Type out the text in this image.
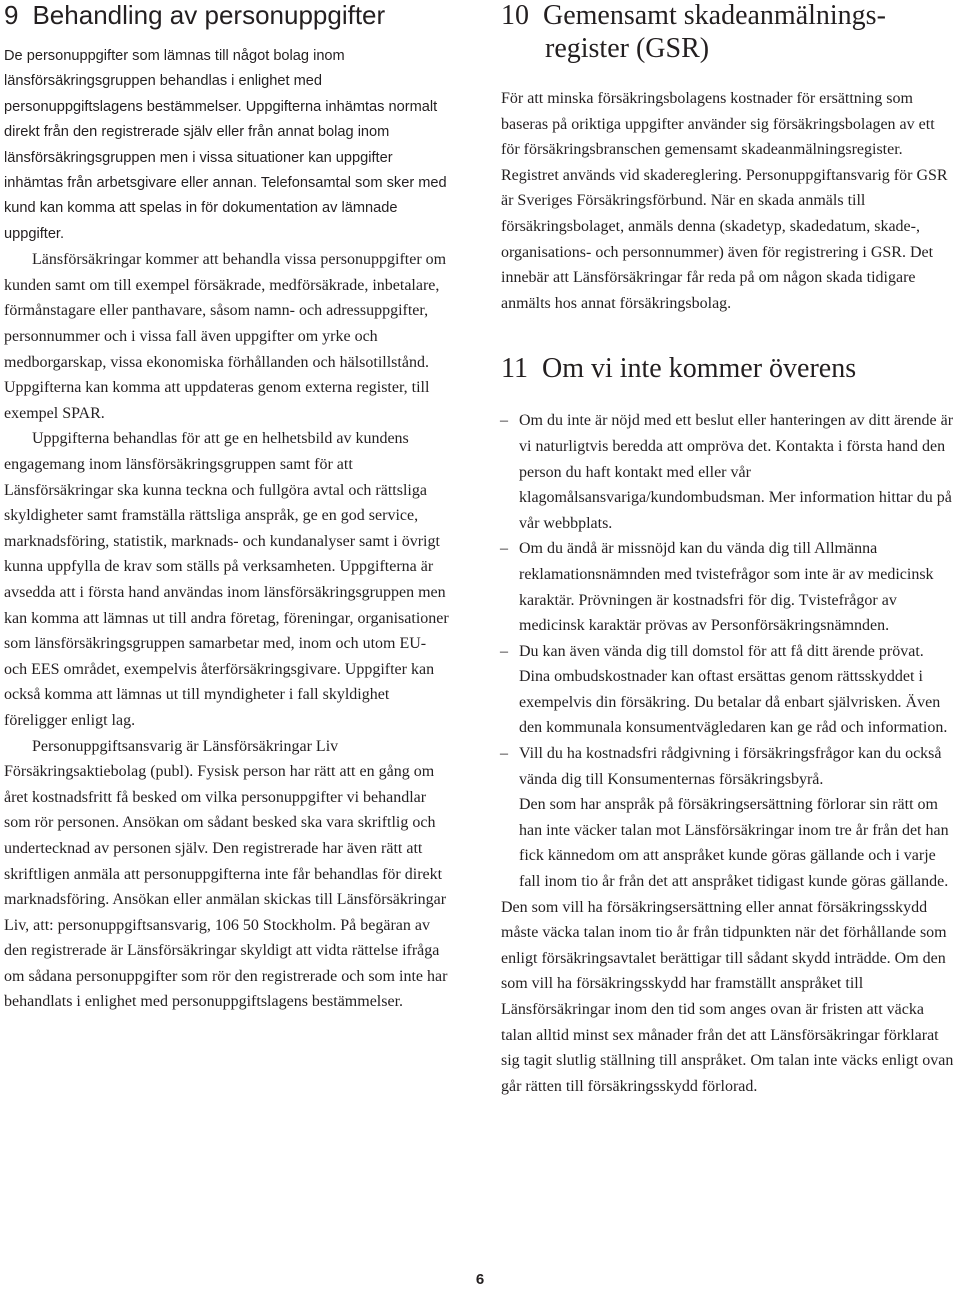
9 Behandling av personuppgifter

De personuppgifter som lämnas till något bolag inom länsförsäkringsgruppen behandlas i enlighet med personuppgiftslagens bestämmelser. Uppgifterna inhämtas normalt direkt från den registrerade själv eller från annat bolag inom länsförsäkringsgruppen men i vissa situationer kan uppgifter inhämtas från arbetsgivare eller annan. Telefonsamtal som sker med kund kan komma att spelas in för dokumentation av lämnade uppgifter.

Länsförsäkringar kommer att behandla vissa personuppgifter om kunden samt om till exempel försäkrade, medförsäkrade, inbetalare, förmånstagare eller panthavare, såsom namn- och adressuppgifter, personnummer och i vissa fall även uppgifter om yrke och medborgarskap, vissa ekonomiska förhållanden och hälsotillstånd. Uppgifterna kan komma att uppdateras genom externa register, till exempel SPAR.

Uppgifterna behandlas för att ge en helhetsbild av kundens engagemang inom länsförsäkringsgruppen samt för att Länsförsäkringar ska kunna teckna och fullgöra avtal och rättsliga skyldigheter samt framställa rättsliga anspråk, ge en god service, marknadsföring, statistik, marknads- och kundanalyser samt i övrigt kunna uppfylla de krav som ställs på verksamheten. Uppgifterna är avsedda att i första hand användas inom länsförsäkringsgruppen men kan komma att lämnas ut till andra företag, föreningar, organisationer som länsförsäkringsgruppen samarbetar med, inom och utom EU- och EES området, exempelvis återförsäkringsgivare. Uppgifter kan också komma att lämnas ut till myndigheter i fall skyldighet föreligger enligt lag.

Personuppgiftsansvarig är Länsförsäkringar Liv Försäkringsaktiebolag (publ). Fysisk person har rätt att en gång om året kostnadsfritt få besked om vilka personuppgifter vi behandlar som rör personen. Ansökan om sådant besked ska vara skriftlig och undertecknad av personen själv. Den registrerade har även rätt att skriftligen anmäla att personuppgifterna inte får behandlas för direkt marknadsföring. Ansökan eller anmälan skickas till Länsförsäkringar Liv, att: personuppgiftsansvarig, 106 50 Stockholm. På begäran av den registrerade är Länsförsäkringar skyldigt att vidta rättelse ifråga om sådana personuppgifter som rör den registrerade och som inte har behandlats i enlighet med personuppgiftslagens bestämmelser.

10 Gemensamt skadeanmälnings-
register (GSR)

För att minska försäkringsbolagens kostnader för ersättning som baseras på oriktiga uppgifter använder sig försäkringsbolagen av ett för försäkringsbranschen gemensamt skadeanmälningsregister. Registret används vid skadereglering. Personuppgiftansvarig för GSR är Sveriges Försäkringsförbund. När en skada anmäls till försäkringsbolaget, anmäls denna (skadetyp, skadedatum, skade-, organisations- och personnummer) även för registrering i GSR. Det innebär att Länsförsäkringar får reda på om någon skada tidigare anmälts hos annat försäkringsbolag.

11 Om vi inte kommer överens
– Om du inte är nöjd med ett beslut eller hanteringen av ditt ärende är vi naturligtvis beredda att ompröva det. Kontakta i första hand den person du haft kontakt med eller vår klagomålsansvariga/kundombudsman. Mer information hittar du på vår webbplats.
– Om du ändå är missnöjd kan du vända dig till Allmänna reklamationsnämnden med tvistefrågor som inte är av medicinsk karaktär. Prövningen är kostnadsfri för dig. Tvistefrågor av medicinsk karaktär prövas av Personförsäkringsnämnden.
– Du kan även vända dig till domstol för att få ditt ärende prövat. Dina ombudskostnader kan oftast ersättas genom rättsskyddet i exempelvis din försäkring. Du betalar då enbart självrisken. Även den kommunala konsumentvägledaren kan ge råd och information.
– Vill du ha kostnadsfri rådgivning i försäkringsfrågor kan du också vända dig till Konsumenternas försäkringsbyrå.

Den som har anspråk på försäkringsersättning förlorar sin rätt om han inte väcker talan mot Länsförsäkringar inom tre år från det han fick kännedom om att anspråket kunde göras gällande och i varje fall inom tio år från det att anspråket tidigast kunde göras gällande.

Den som vill ha försäkringsersättning eller annat försäkringsskydd måste väcka talan inom tio år från tidpunkten när det förhållande som enligt försäkringsavtalet berättigar till sådant skydd inträdde. Om den som vill ha försäkringsskydd har framställt anspråket till Länsförsäkringar inom den tid som anges ovan är fristen att väcka talan alltid minst sex månader från det att Länsförsäkringar förklarat sig tagit slutlig ställning till anspråket. Om talan inte väcks enligt ovan går rätten till försäkringsskydd förlorad.

6
